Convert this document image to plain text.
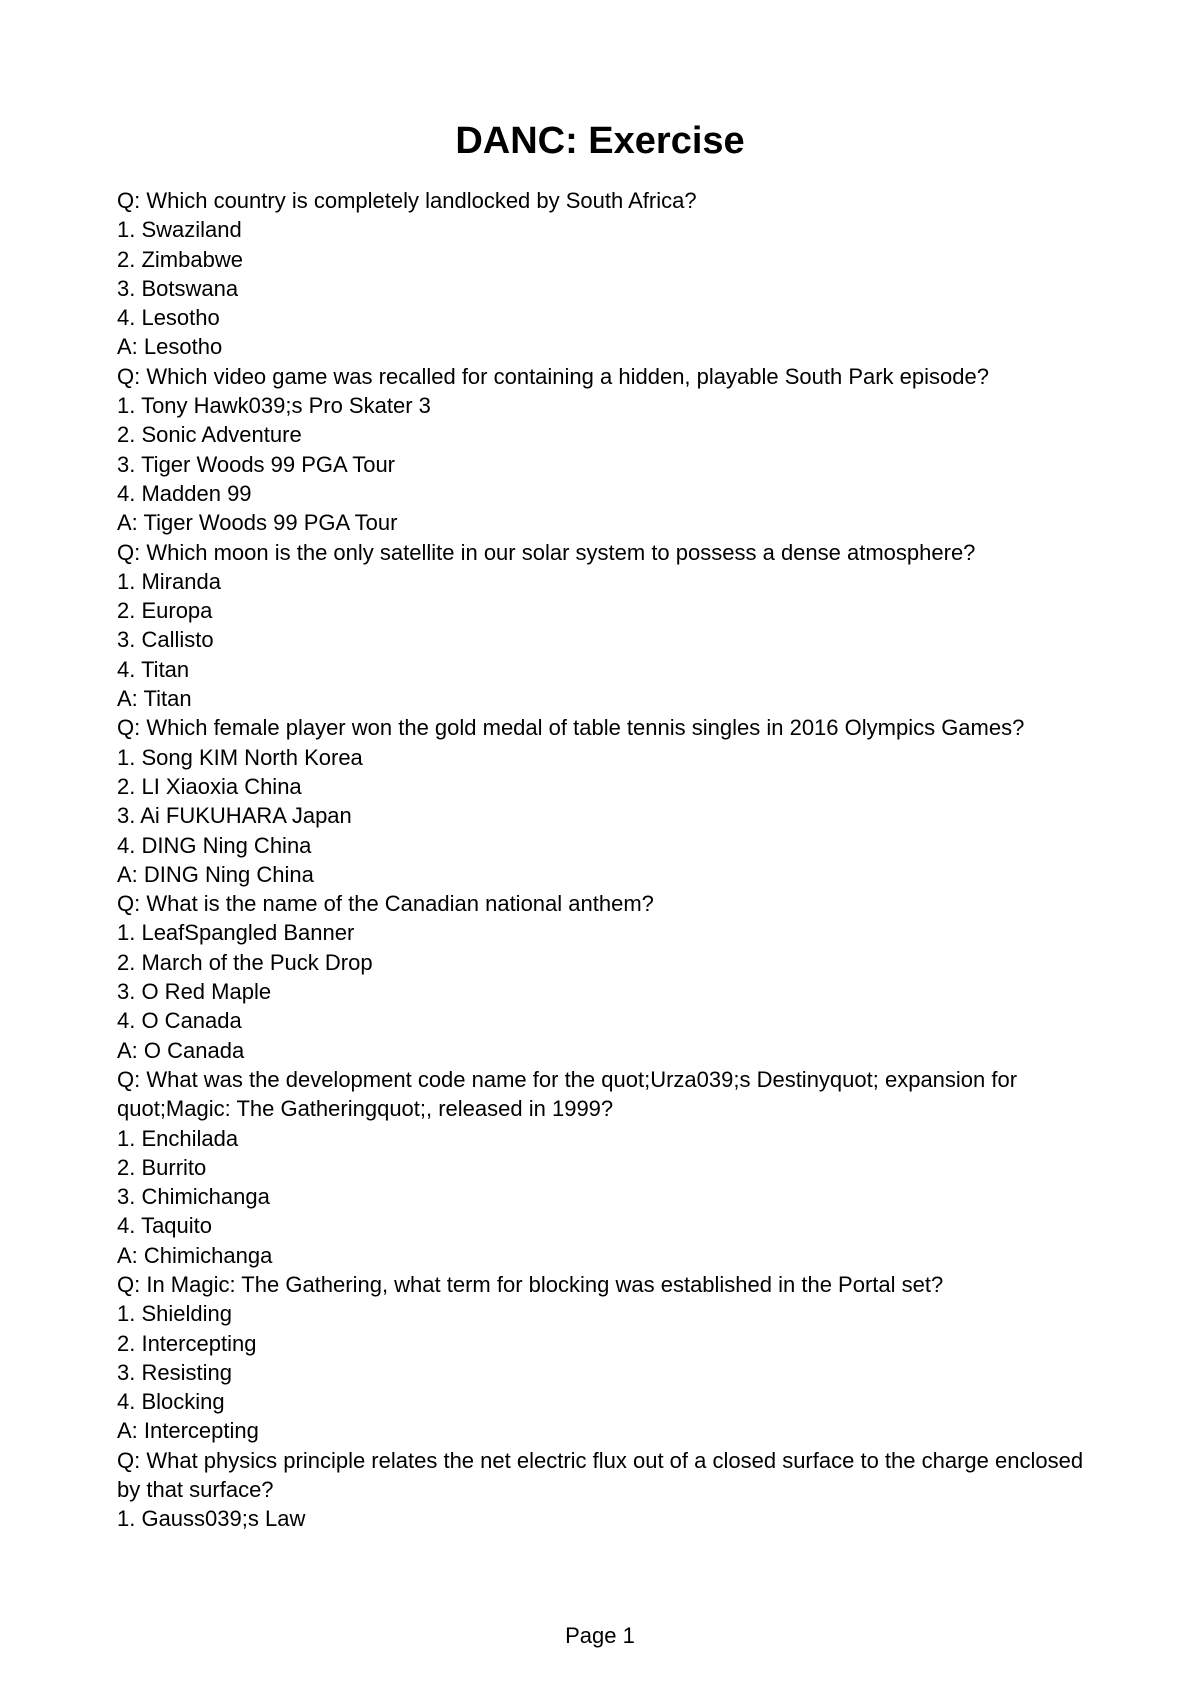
DANC: Exercise

Q: Which country is completely landlocked by South Africa?

1. Swaziland

2. Zimbabwe

3. Botswana

4. Lesotho

A: Lesotho

Q: Which video game was recalled for containing a hidden, playable South Park episode?

1. Tony Hawk039;s Pro Skater 3

2. Sonic Adventure

3. Tiger Woods 99 PGA Tour

4. Madden 99

A: Tiger Woods 99 PGA Tour

Q: Which moon is the only satellite in our solar system to possess a dense atmosphere?

1. Miranda

2. Europa

3. Callisto

4. Titan

A: Titan

Q: Which female player won the gold medal of table tennis singles in 2016 Olympics Games?

1. Song KIM North Korea

2. LI Xiaoxia China

3. Ai FUKUHARA Japan

4. DING Ning China

A: DING Ning China

Q: What is the name of the Canadian national anthem?

1. LeafSpangled Banner

2. March of the Puck Drop

3. O Red Maple

4. O Canada

A: O Canada

Q: What was the development code name for the quot;Urza039;s Destinyquot; expansion for quot;Magic: The Gatheringquot;, released in 1999?

1. Enchilada

2. Burrito

3. Chimichanga

4. Taquito

A: Chimichanga

Q: In Magic: The Gathering, what term for blocking was established in the Portal set?

1. Shielding

2. Intercepting

3. Resisting

4. Blocking

A: Intercepting

Q: What physics principle relates the net electric flux out of a closed surface to the charge enclosed by that surface?

1. Gauss039;s Law

Page 1
